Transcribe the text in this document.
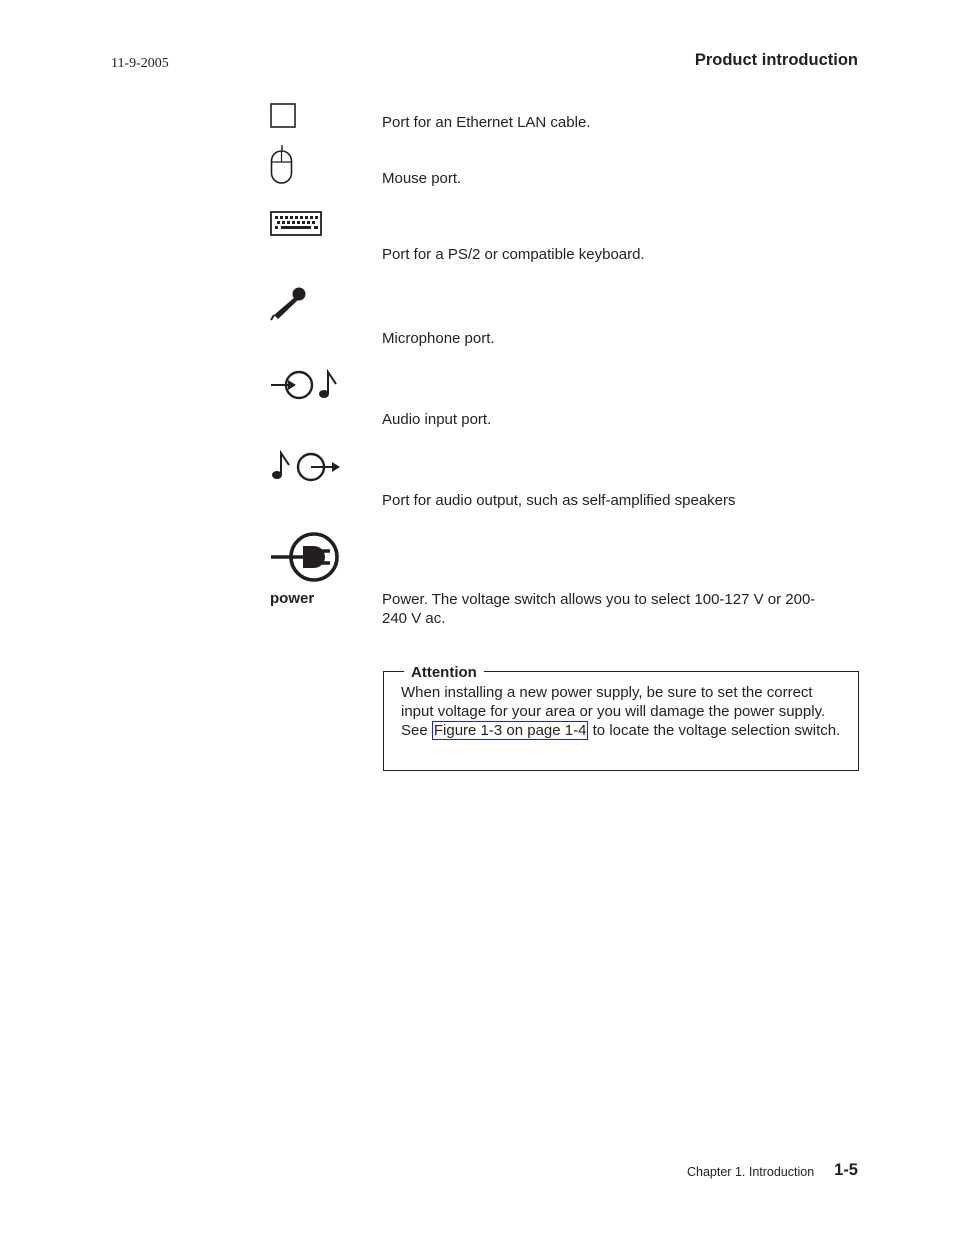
11-9-2005	Product introduction
Port for an Ethernet LAN cable.
Mouse port.
Port for a PS/2 or compatible keyboard.
Microphone port.
Audio input port.
Port for audio output, such as self-amplified speakers
power	Power. The voltage switch allows you to select 100-127 V or 200-240 V ac.
Attention
When installing a new power supply, be sure to set the correct input voltage for your area or you will damage the power supply. See Figure 1-3 on page 1-4 to locate the voltage selection switch.
Chapter 1. Introduction 1-5
